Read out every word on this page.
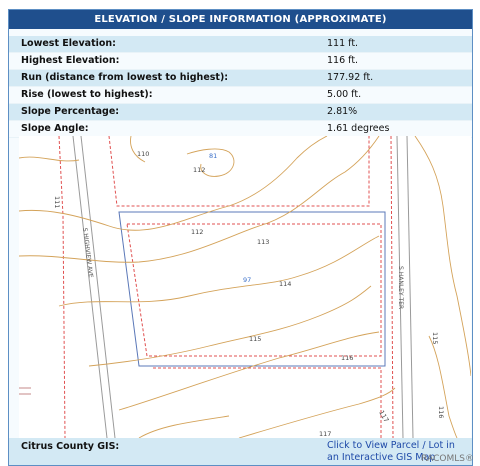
ELEVATION / SLOPE INFORMATION (APPROXIMATE)
Lowest Elevation:	111 ft.
Highest Elevation:	116 ft.
Run (distance from lowest to highest):	177.92 ft.
Rise (lowest to highest):	5.00 ft.
Slope Percentage:	2.81%
Slope Angle:	1.61 degrees
110
112
112
113
114
115
116
117
115
116
117
111
81
97
S HIGHVIEW AVE
S HANLEY TER
Citrus County GIS:	Click to View Parcel / Lot in an Interactive GIS Map
RACOMLS®
